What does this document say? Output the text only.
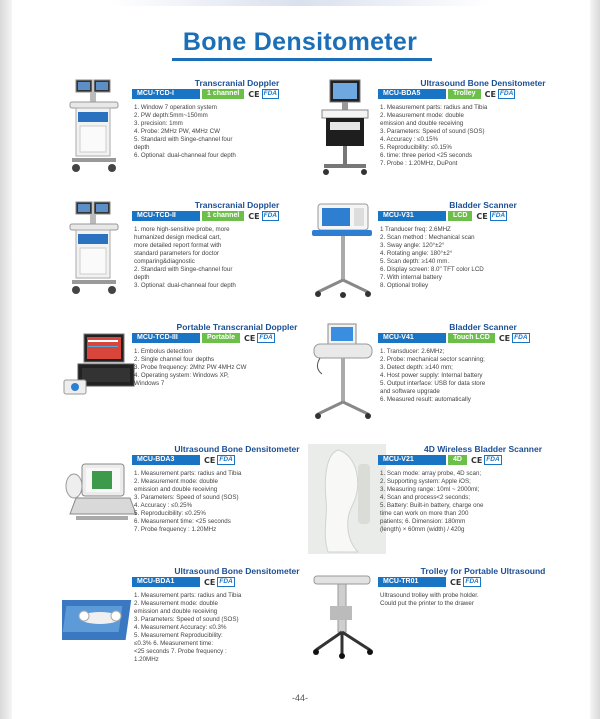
Bone Densitometer
Transcranial Doppler
MCU-TCD-I	1 channel	CE FDA
1. Window 7 operation system
2. PW depth:5mm~150mm
3. precision: 1mm
4. Probe: 2MHz PW, 4MHz CW
5. Standard with Singe-channel four
depth
6. Optional: dual-channeal four depth
Ultrasound Bone Densitometer
MCU-BDA5	Trolley	CE FDA
1. Measurement parts: radius and Tibia
2. Measurement mode: double
emission and double receiving
3. Parameters: Speed of sound (SOS)
4. Accuracy : ≤0.15%
5. Reproducibility: ≤0.15%
6. time: three period <25 seconds
7. Probe : 1.20MHz, DuPont
Transcranial Doppler
MCU-TCD-II	1 channel	CE FDA
1. more high-sensitive probe, more
humanized design medical cart,
more detailed report format with
standard parameters for doctor
comparing&diagnostic
2. Standard with Singe-channel four
depth
3. Optional: dual-channeal four depth
Bladder Scanner
MCU-V31	LCD	CE FDA
1 Tranducer freq: 2.6MHZ
2. Scan method : Mechanical scan
3. Sway angle: 120°±2°
4. Rotating angle: 180°±2°
5. Scan depth: ≥140 mm.
6. Display screen: 8.0" TFT color LCD
7. With internal battery
8. Optional trolley
Portable Transcranial Doppler
MCU-TCD-III	Portable	CE FDA
1. Embolus detection
2. Single channel four depths
3. Probe frequency: 2Mhz PW 4MHz CW
4. Operating system: Windows XP,
Windows 7
Bladder Scanner
MCU-V41	Touch LCD	CE FDA
1. Transducer: 2.6MHz;
2. Probe: mechanical sector scanning;
3. Detect depth: ≥140 mm;
4. Host power supply: Internal battery
5. Output interface: USB for data store
and software upgrade
6. Measured result: automatically
Ultrasound Bone Densitometer
MCU-BDA3	CE FDA
1. Measurement parts: radius and Tibia
2. Measurement mode: double
emission and double receiving
3. Parameters: Speed of sound (SOS)
4. Accuracy : ≤0.25%
5. Reproducibility: ≤0.25%
6. Measurement time: <25 seconds
7. Probe frequency : 1.20MHz
4D Wireless Bladder Scanner
MCU-V21	4D	CE FDA
1. Scan mode: array probe, 4D scan;
2. Supporting system: Apple iOS;
3. Measuring range: 10ml ~ 2000ml;
4. Scan and process<2 seconds;
5. Battery: Built-in battery, charge one
time can work on more than 200
patients; 6. Dimension: 180mm
(length) × 60mm (width) / 420g
Ultrasound Bone Densitometer
MCU-BDA1	CE FDA
1. Measurement parts: radius and Tibia
2. Measurement mode: double
emission and double receiving
3. Parameters: Speed of sound (SOS)
4. Measurement Accuracy: ≤0.3%
5. Measurement Reproducibility:
≤0.3% 6. Measurement time:
<25 seconds 7. Probe frequency :
1.20MHz
Trolley for Portable Ultrasound
MCU-TR01	CE FDA
Ultrasound trolley with probe holder.
Could put the printer to the drawer
-44-
